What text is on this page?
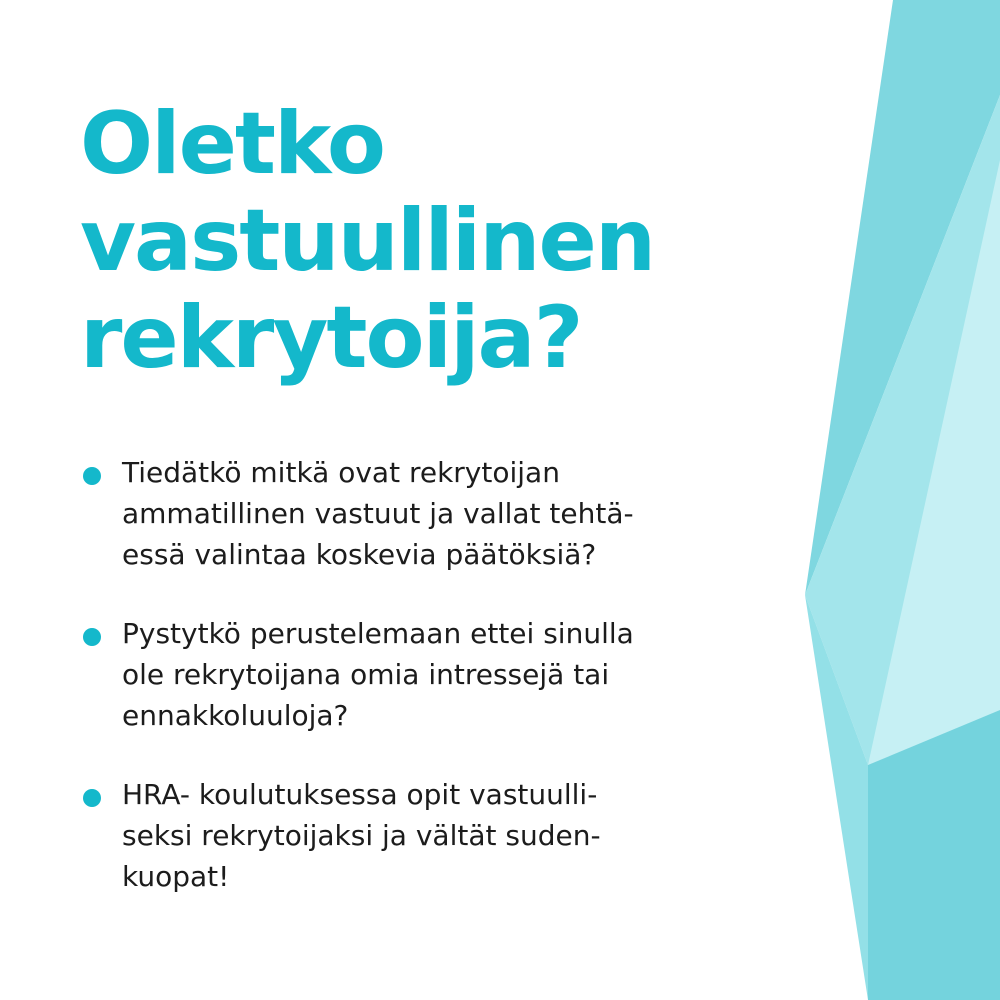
Oletko
vastuullinen
rekrytoija?
Tiedätkö mitkä ovat rekrytoijan
ammatillinen vastuut ja vallat tehtä-
essä valintaa koskevia päätöksiä?
Pystytkö perustelemaan ettei sinulla
ole rekrytoijana omia intressejä tai
ennakkoluuloja?
HRA- koulutuksessa opit vastuulli-
seksi rekrytoijaksi ja vältät suden-
kuopat!
